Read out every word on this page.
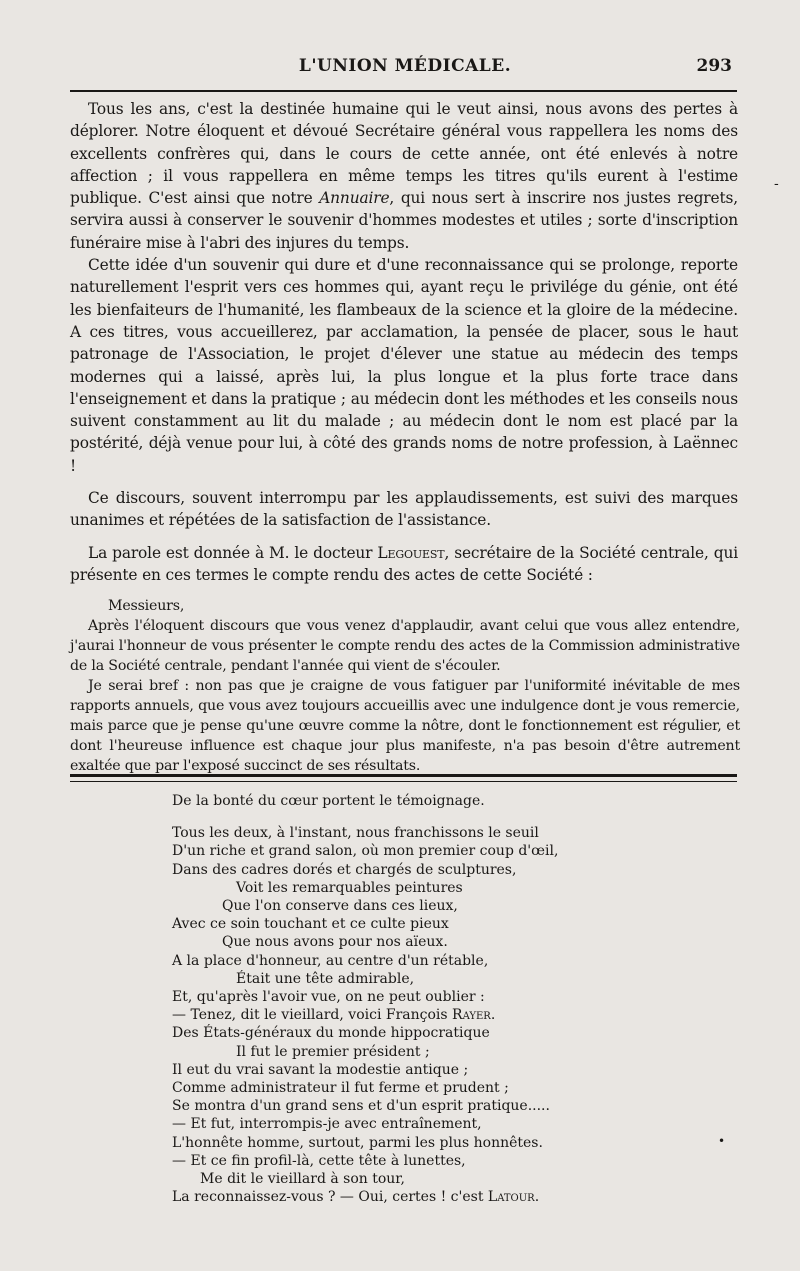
L'UNION MÉDICALE.	293

Tous les ans, c'est la destinée humaine qui le veut ainsi, nous avons des pertes à déplorer. Notre éloquent et dévoué Secrétaire général vous rappellera les noms des excellents confrères qui, dans le cours de cette année, ont été enlevés à notre affection ; il vous rappellera en même temps les titres qu'ils eurent à l'estime publique. C'est ainsi que notre Annuaire, qui nous sert à inscrire nos justes regrets, servira aussi à conserver le souvenir d'hommes modestes et utiles ; sorte d'inscription funéraire mise à l'abri des injures du temps.

Cette idée d'un souvenir qui dure et d'une reconnaissance qui se prolonge, reporte naturellement l'esprit vers ces hommes qui, ayant reçu le privilége du génie, ont été les bienfaiteurs de l'humanité, les flambeaux de la science et la gloire de la médecine. A ces titres, vous accueillerez, par acclamation, la pensée de placer, sous le haut patronage de l'Association, le projet d'élever une statue au médecin des temps modernes qui a laissé, après lui, la plus longue et la plus forte trace dans l'enseignement et dans la pratique ; au médecin dont les méthodes et les conseils nous suivent constamment au lit du malade ; au médecin dont le nom est placé par la postérité, déjà venue pour lui, à côté des grands noms de notre profession, à Laënnec !

Ce discours, souvent interrompu par les applaudissements, est suivi des marques unanimes et répétées de la satisfaction de l'assistance.

La parole est donnée à M. le docteur Legouest, secrétaire de la Société centrale, qui présente en ces termes le compte rendu des actes de cette Société :

Messieurs,

Après l'éloquent discours que vous venez d'applaudir, avant celui que vous allez entendre, j'aurai l'honneur de vous présenter le compte rendu des actes de la Commission administrative de la Société centrale, pendant l'année qui vient de s'écouler.

Je serai bref : non pas que je craigne de vous fatiguer par l'uniformité inévitable de mes rapports annuels, que vous avez toujours accueillis avec une indulgence dont je vous remercie, mais parce que je pense qu'une œuvre comme la nôtre, dont le fonctionnement est régulier, et dont l'heureuse influence est chaque jour plus manifeste, n'a pas besoin d'être autrement exaltée que par l'exposé succinct de ses résultats.

De la bonté du cœur portent le témoignage.
Tous les deux, à l'instant, nous franchissons le seuil
D'un riche et grand salon, où mon premier coup d'œil,
Dans des cadres dorés et chargés de sculptures,
Voit les remarquables peintures
Que l'on conserve dans ces lieux,
Avec ce soin touchant et ce culte pieux
Que nous avons pour nos aïeux.
A la place d'honneur, au centre d'un rétable,
Était une tête admirable,
Et, qu'après l'avoir vue, on ne peut oublier :
— Tenez, dit le vieillard, voici François Rayer.
Des États-généraux du monde hippocratique
Il fut le premier président ;
Il eut du vrai savant la modestie antique ;
Comme administrateur il fut ferme et prudent ;
Se montra d'un grand sens et d'un esprit pratique.....
— Et fut, interrompis-je avec entraînement,
L'honnête homme, surtout, parmi les plus honnêtes.
— Et ce fin profil-là, cette tête à lunettes,
Me dit le vieillard à son tour,
La reconnaissez-vous ? — Oui, certes ! c'est Latour.
-
•
